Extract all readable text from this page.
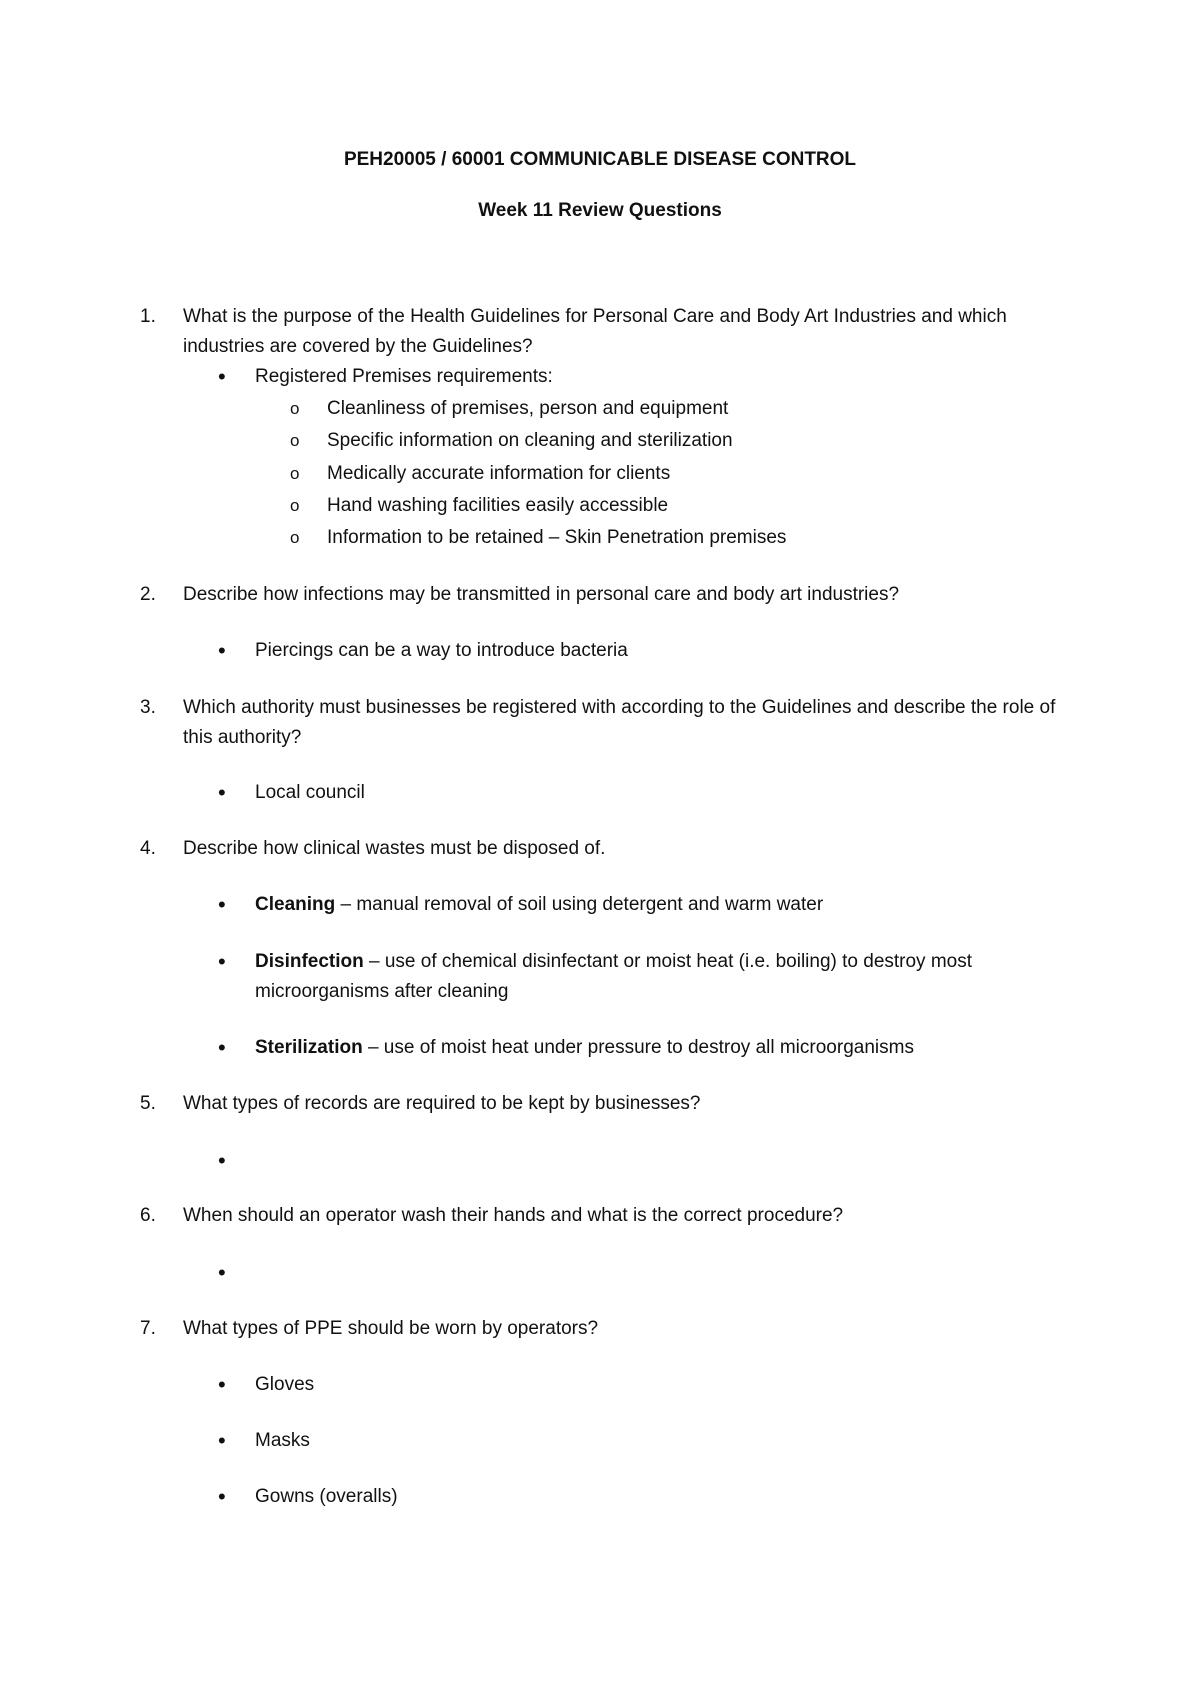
PEH20005 / 60001 COMMUNICABLE DISEASE CONTROL
Week 11 Review Questions
1. What is the purpose of the Health Guidelines for Personal Care and Body Art Industries and which industries are covered by the Guidelines?
• Registered Premises requirements:
o Cleanliness of premises, person and equipment
o Specific information on cleaning and sterilization
o Medically accurate information for clients
o Hand washing facilities easily accessible
o Information to be retained – Skin Penetration premises
2. Describe how infections may be transmitted in personal care and body art industries?
• Piercings can be a way to introduce bacteria
3. Which authority must businesses be registered with according to the Guidelines and describe the role of this authority?
• Local council
4. Describe how clinical wastes must be disposed of.
• Cleaning – manual removal of soil using detergent and warm water
• Disinfection – use of chemical disinfectant or moist heat (i.e. boiling) to destroy most microorganisms after cleaning
• Sterilization – use of moist heat under pressure to destroy all microorganisms
5. What types of records are required to be kept by businesses?
•
6. When should an operator wash their hands and what is the correct procedure?
•
7. What types of PPE should be worn by operators?
• Gloves
• Masks
• Gowns (overalls)
